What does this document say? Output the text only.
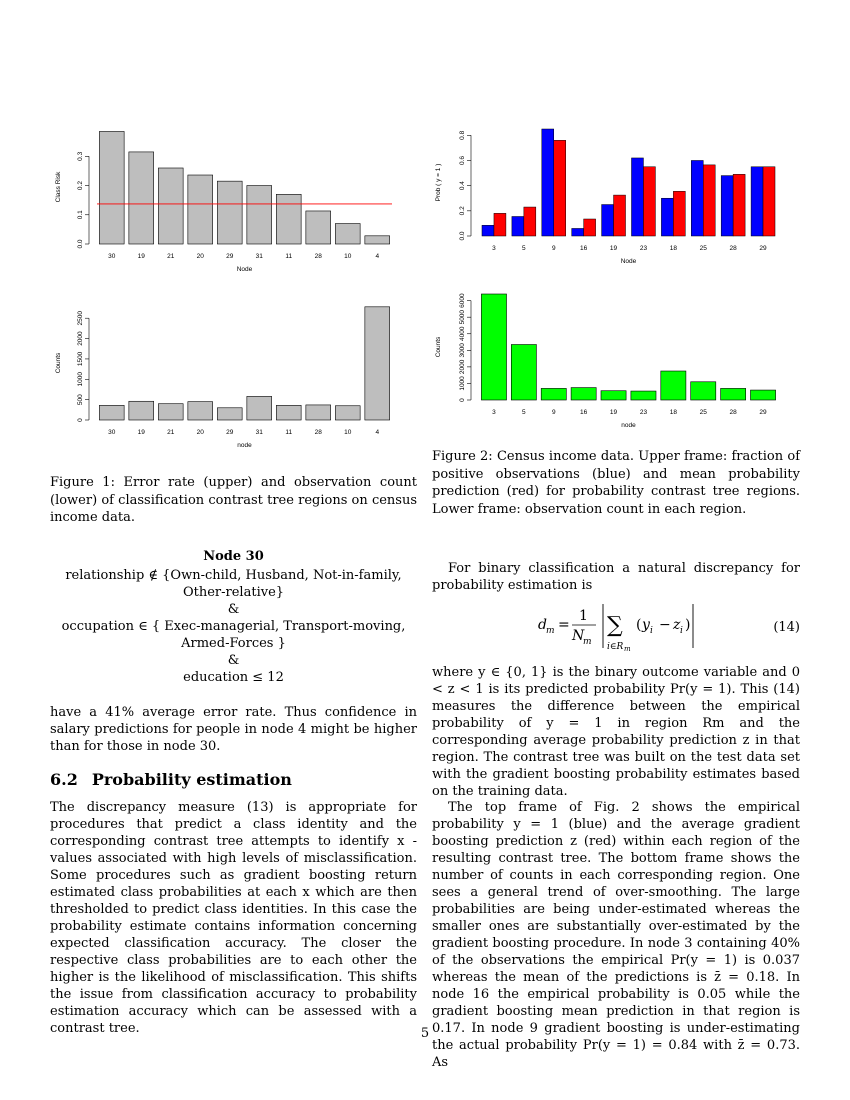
0.0
0.1
0.2
0.3
Class Risk
30	19	21	20	29	31	11	28	10	4
Node
0
500
1000
1500
2000
2500
Counts
30	19	21	20	29	31	11	28	10	4
node
0.0
0.2
0.4
0.6
0.8
Prob ( y = 1 )
3	5	9	16	19	23	18	25	28	29
Node
0
1000
2000
3000
4000
5000
6000
Counts
3	5	9	16	19	23	18	25	28	29
node
Figure 1: Error rate (upper) and observation count (lower) of classification contrast tree regions on census income data.
Figure 2: Census income data. Upper frame: fraction of positive observations (blue) and mean probability prediction (red) for probability contrast tree regions. Lower frame: observation count in each region.
Node 30
relationship ∉ {Own-child, Husband, Not-in-family,
Other-relative}
&
occupation ∈ { Exec-managerial, Transport-moving,
Armed-Forces }
&
education ≤ 12

have a 41% average error rate. Thus confidence in salary predictions for people in node 4 might be higher than for those in node 30.

6.2 Probability estimation

The discrepancy measure (13) is appropriate for procedures that predict a class identity and the corresponding contrast tree attempts to identify x - values associated with high levels of misclassification. Some procedures such as gradient boosting return estimated class probabilities at each x which are then thresholded to predict class identities. In this case the probability estimate contains information concerning expected classification accuracy. The closer the respective class probabilities are to each other the higher is the likelihood of misclassification. This shifts the issue from classification accuracy to probability estimation accuracy which can be assessed with a contrast tree.

For binary classification a natural discrepancy for probability estimation is

d m =
1
N
m
∑
i∈R m
( y i − z i )	(14)

where y ∈ {0, 1} is the binary outcome variable and 0 < z < 1 is its predicted probability Pr(y = 1). This (14) measures the difference between the empirical probability of y = 1 in region Rm and the corresponding average probability prediction z in that region. The contrast tree was built on the test data set with the gradient boosting probability estimates based on the training data.

The top frame of Fig. 2 shows the empirical probability y = 1 (blue) and the average gradient boosting prediction z (red) within each region of the resulting contrast tree. The bottom frame shows the number of counts in each corresponding region. One sees a general trend of over-smoothing. The large probabilities are being under-estimated whereas the smaller ones are substantially over-estimated by the gradient boosting procedure. In node 3 containing 40% of the observations the empirical Pr(y = 1) is 0.037 whereas the mean of the predictions is z̄ = 0.18. In node 16 the empirical probability is 0.05 while the gradient boosting mean prediction in that region is 0.17. In node 9 gradient boosting is under-estimating the actual probability Pr(y = 1) = 0.84 with z̄ = 0.73. As

5
